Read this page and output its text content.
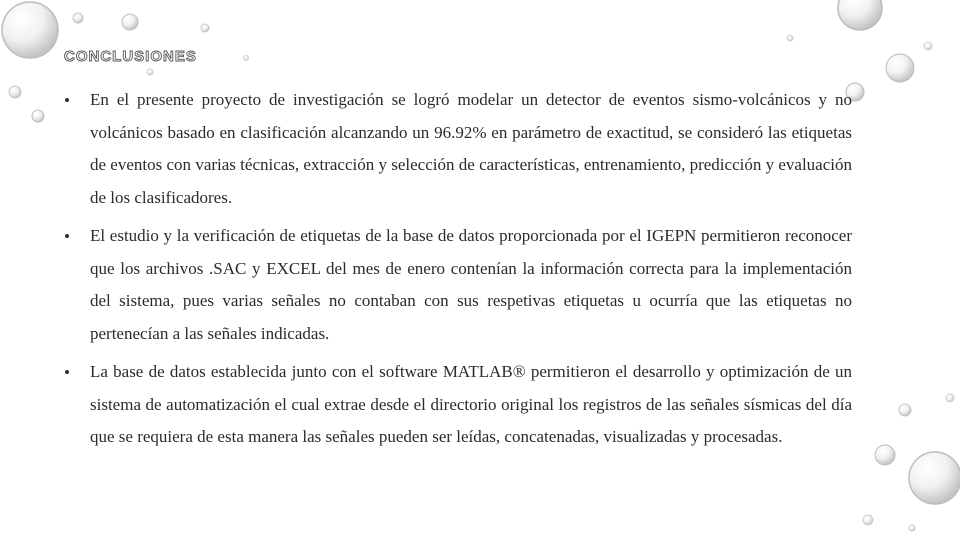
CONCLUSIONES
•	En el presente proyecto de investigación se logró modelar un detector de eventos sismo-volcánicos y no volcánicos basado en clasificación alcanzando un 96.92% en parámetro de exactitud, se consideró las etiquetas de eventos con varias técnicas, extracción y selección de características, entrenamiento, predicción y evaluación de los clasificadores.
•	El estudio y la verificación de etiquetas de la base de datos proporcionada por el IGEPN permitieron reconocer que los archivos .SAC y EXCEL del mes de enero contenían la información correcta para la implementación del sistema, pues varias señales no contaban con sus respetivas etiquetas u ocurría que las etiquetas no pertenecían a las señales indicadas.
•	La base de datos establecida junto con el software MATLAB® permitieron el desarrollo y optimización de un sistema de automatización el cual extrae desde el directorio original los registros de las señales sísmicas del día que se requiera de esta manera las señales pueden ser leídas, concatenadas, visualizadas y procesadas.
